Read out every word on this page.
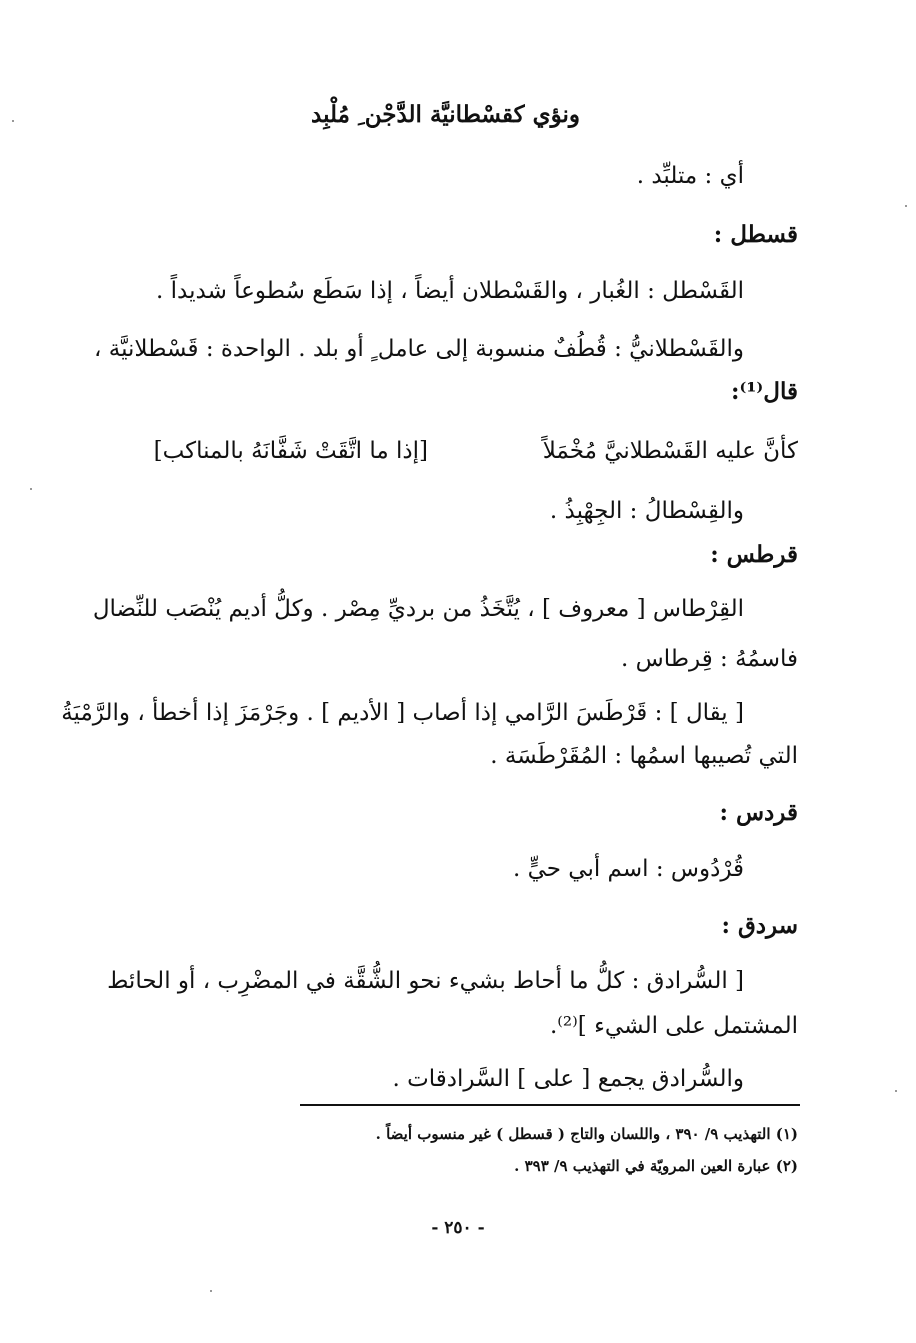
ونؤي كقسْطانيَّة الدَّجْن ِ مُلْبِد
أي : متلبِّد .
قسطل :
القَسْطل : الغُبار ، والقَسْطلان أيضاً ، إذا سَطَع سُطوعاً شديداً .
والقَسْطلانيُّ : قُطُفٌ منسوبة إلى عامل ٍ أو بلد . الواحدة : قَسْطلانيَّة ،
قال⁽¹⁾:
كأنَّ عليه القَسْطلانيَّ مُخْمَلاً
[إذا ما اتَّقَتْ شَفَّانَهُ بالمناكب]
والقِسْطالُ : الجِهْبِذُ .
قرطس :
القِرْطاس [ معروف ] ، يُتَّخَذُ من برديِّ مِصْر . وكلُّ أديم يُنْصَب للنِّضال
فاسمُهُ : قِرطاس .
[ يقال ] : قَرْطَسَ الرَّامي إذا أصاب [ الأديم ] . وجَرْمَزَ إذا أخطأ ، والرَّمْيَةُ
التي تُصيبها اسمُها : المُقَرْطَسَة .
قردس :
قُرْدُوس : اسم أبي حيٍّ .
سردق :
[ السُّرادق : كلُّ ما أحاط بشيء نحو الشُّقَّة في المضْرِب ، أو الحائط
المشتمل على الشيء ]⁽²⁾.
والسُّرادق يجمع [ على ] السَّرادقات .
(١) التهذيب ٩/ ٣٩٠ ، واللسان والتاج ( قسطل ) غير منسوب أيضاً .
(٢) عبارة العين المرويّة في التهذيب ٩/ ٣٩٣ .
- ٢٥٠ -
